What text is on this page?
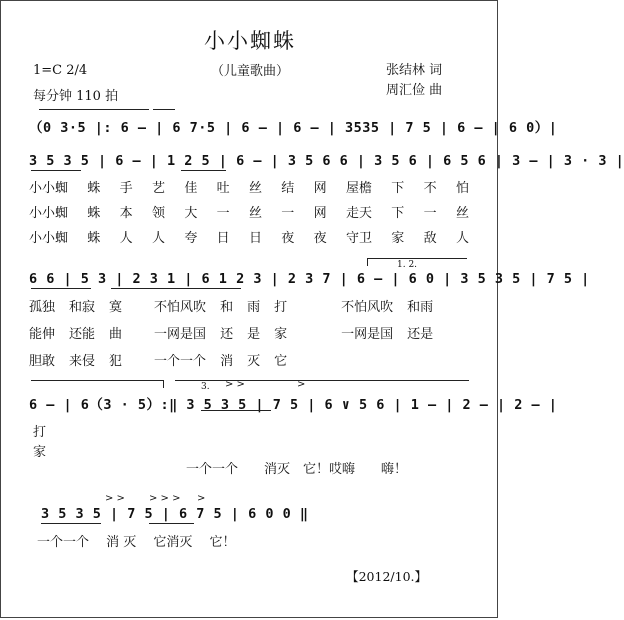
小小蜘蛛
（儿童歌曲）
1=C 2/4
每分钟 110 拍
张结林 词
周汇俭 曲
（0 3·5 |: 6 – | 6 7·5 | 6 – | 6 – | 3535 | 7 5 | 6 – | 6 0）|
3 5 3 5 | 6 – | 1 2 5 | 6 – | 3 5 6 6 | 3 5 6 | 6 5 6 | 3 – | 3 · 3 |
小小蜘 蛛 手 艺 佳 吐 丝 结 网 屋檐 下 不 怕
小小蜘 蛛 本 领 大 一 丝 一 网 走天 下 一 丝
小小蜘 蛛 人 人 夸 日 日 夜 夜 守卫 家 敌 人
1. 2.
6 6 | 5 3 | 2 3 1 | 6 1 2 3 | 2 3 7 | 6 – | 6 0 | 3 5 3 5 | 7 5 |
孤独 和寂 寞 不怕风吹 和 雨 打	不怕风吹 和雨
能伸 还能 曲 一网是国 还 是 家	一网是国 还是
胆敢 来侵 犯 一个一个 消 灭 它
3. > >	>
6 – | 6（3 · 5）:‖ 3 5 3 5 | 7 5 | 6 ∨ 5 6 | 1 – | 2 – | 2 – |
打
家
一个一个　　消灭　它！哎嗨　　嗨！
> > > > > >
3 5 3 5 | 7 5 | 6 7 5 | 6 0 0 ‖
一个一个　 消 灭　 它消灭　 它！
【2012/10.】
